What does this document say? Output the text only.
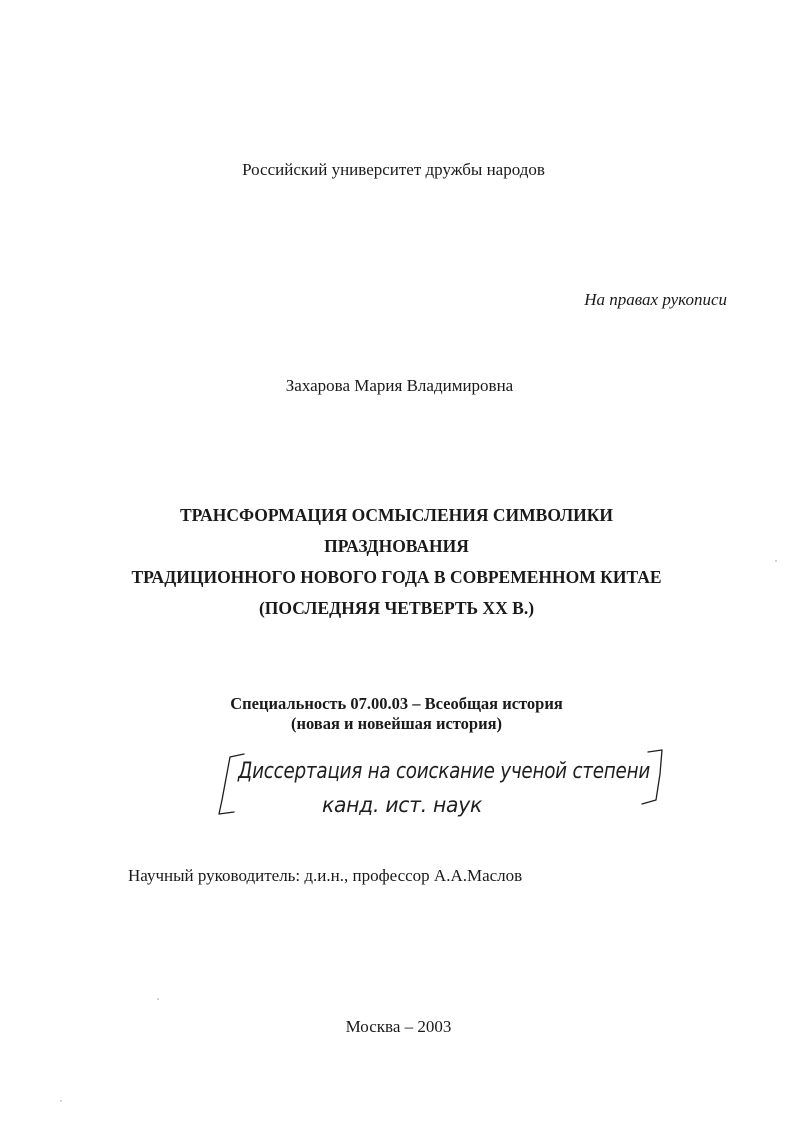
Российский университет дружбы народов
На правах рукописи
Захарова Мария Владимировна
ТРАНСФОРМАЦИЯ ОСМЫСЛЕНИЯ СИМВОЛИКИ
ПРАЗДНОВАНИЯ
ТРАДИЦИОННОГО НОВОГО ГОДА В СОВРЕМЕННОМ КИТАЕ
(ПОСЛЕДНЯЯ ЧЕТВЕРТЬ XX В.)
Специальность 07.00.03 – Всеобщая история
(новая и новейшая история)
Диссертация на соискание ученой степени
канд. ист. наук
Научный руководитель: д.и.н., профессор А.А.Маслов
Москва – 2003
